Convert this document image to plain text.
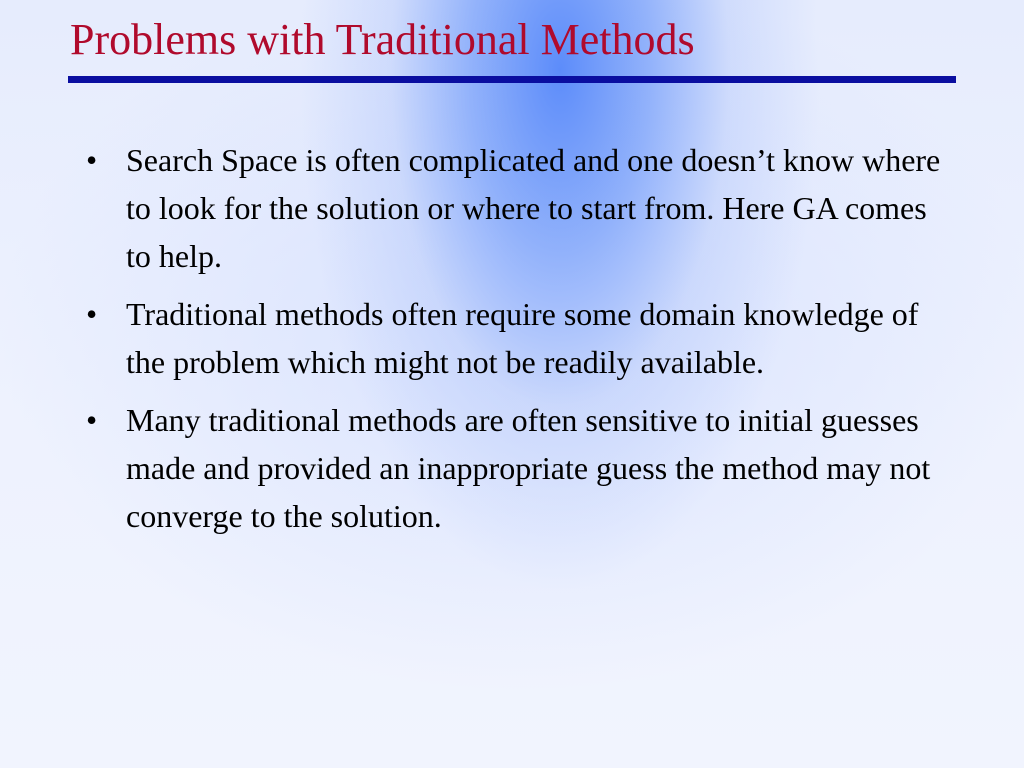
Problems with Traditional Methods
• Search Space is often complicated and one doesn’t know where to look for the solution or where to start from. Here GA comes to help.
• Traditional methods often require some domain knowledge of the problem which might not be readily available.
• Many traditional methods are often sensitive to initial guesses made and provided an inappropriate guess the method may not converge to the solution.
